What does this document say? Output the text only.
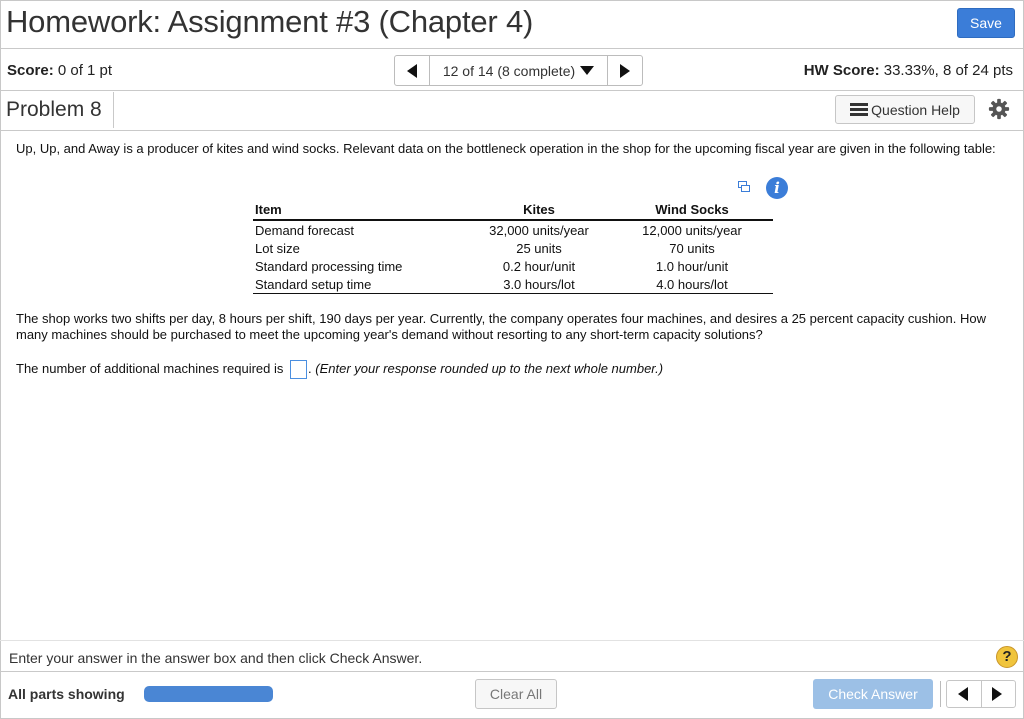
Homework: Assignment #3 (Chapter 4)	Save
Score: 0 of 1 pt	12 of 14 (8 complete)	HW Score: 33.33%, 8 of 24 pts
Problem 8	Question Help
Up, Up, and Away is a producer of kites and wind socks. Relevant data on the bottleneck operation in the shop for the upcoming fiscal year are given in the following table:
i
Item	Kites	Wind Socks
Demand forecast	32,000 units/year	12,000 units/year
Lot size	25 units	70 units
Standard processing time	0.2 hour/unit	1.0 hour/unit
Standard setup time	3.0 hours/lot	4.0 hours/lot
The shop works two shifts per day, 8 hours per shift, 190 days per year. Currently, the company operates four machines, and desires a 25 percent capacity cushion. How many machines should be purchased to meet the upcoming year's demand without resorting to any short-term capacity solutions?
The number of additional machines required is . (Enter your response rounded up to the next whole number.)
Enter your answer in the answer box and then click Check Answer.	?
All parts showing	Clear All	Check Answer
